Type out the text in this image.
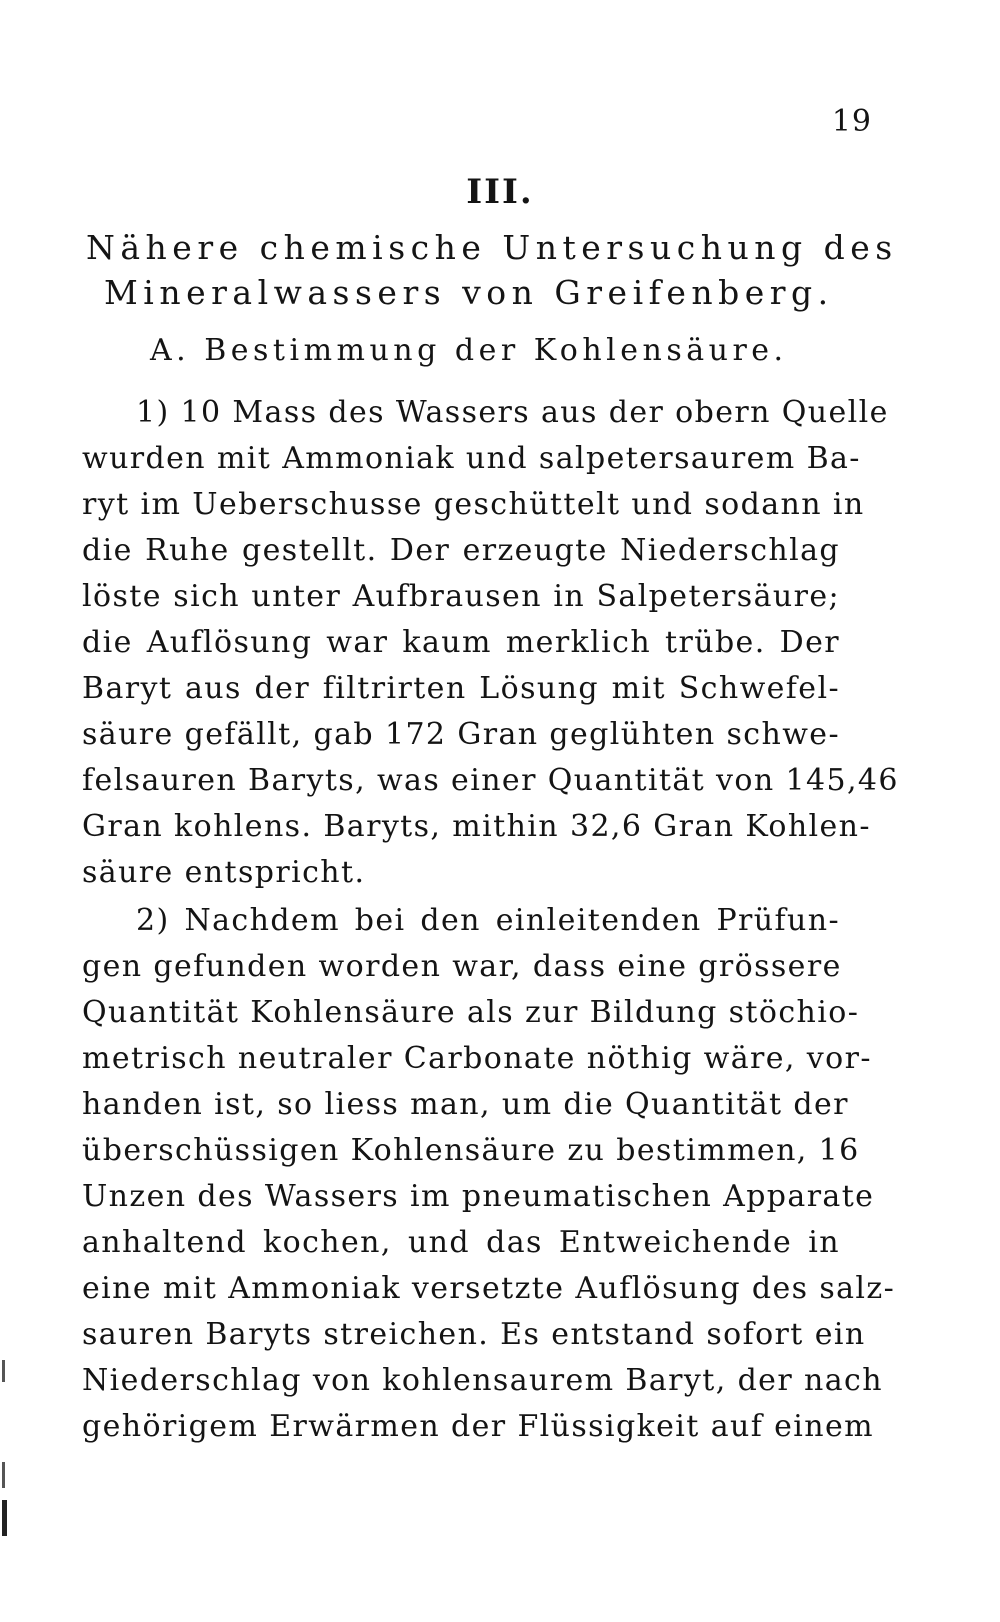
19
III.
Nähere chemische Untersuchung des
Mineralwassers von Greifenberg.
A. Bestimmung der Kohlensäure.
1) 10 Mass des Wassers aus der obern Quelle
wurden mit Ammoniak und salpetersaurem Ba-
ryt im Ueberschusse geschüttelt und sodann in
die Ruhe gestellt. Der erzeugte Niederschlag
löste sich unter Aufbrausen in Salpetersäure;
die Auflösung war kaum merklich trübe. Der
Baryt aus der filtrirten Lösung mit Schwefel-
säure gefällt, gab 172 Gran geglühten schwe-
felsauren Baryts, was einer Quantität von 145,46
Gran kohlens. Baryts, mithin 32,6 Gran Kohlen-
säure entspricht.
2) Nachdem bei den einleitenden Prüfun-
gen gefunden worden war, dass eine grössere
Quantität Kohlensäure als zur Bildung stöchio-
metrisch neutraler Carbonate nöthig wäre, vor-
handen ist, so liess man, um die Quantität der
überschüssigen Kohlensäure zu bestimmen, 16
Unzen des Wassers im pneumatischen Apparate
anhaltend kochen, und das Entweichende in
eine mit Ammoniak versetzte Auflösung des salz-
sauren Baryts streichen. Es entstand sofort ein
Niederschlag von kohlensaurem Baryt, der nach
gehörigem Erwärmen der Flüssigkeit auf einem
